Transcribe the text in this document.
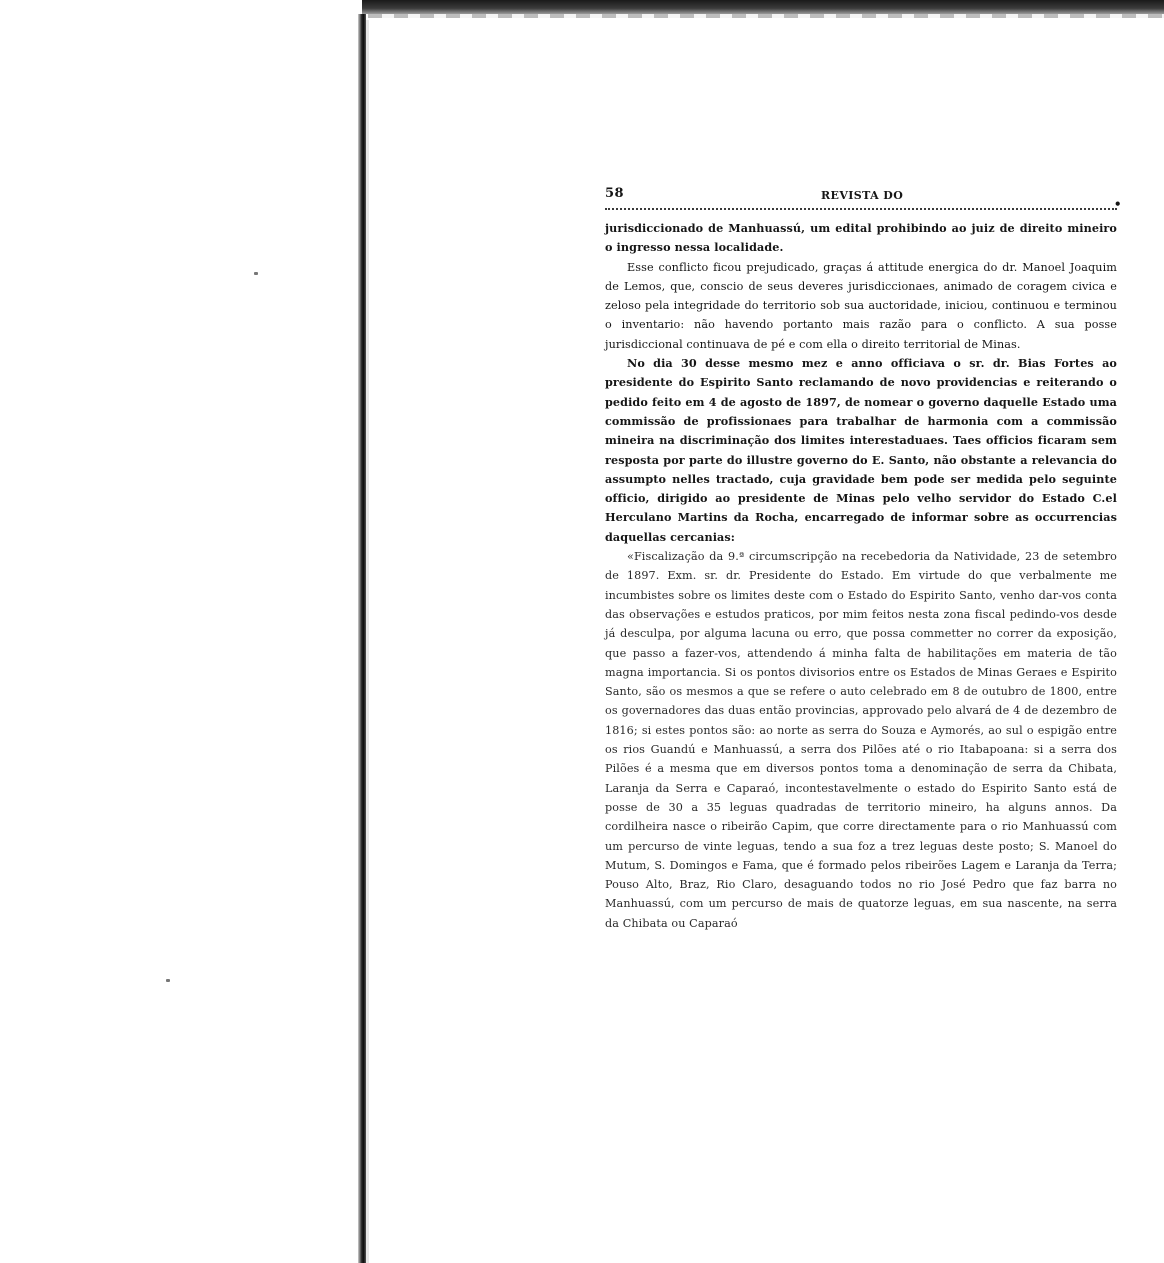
58	REVISTA DO
•

jurisdiccionado de Manhuassú, um edital prohibindo ao juiz de direito mineiro o ingresso nessa localidade.

Esse conflicto ficou prejudicado, graças á attitude energica do dr. Manoel Joaquim de Lemos, que, conscio de seus deveres jurisdiccionaes, animado de coragem civica e zeloso pela integridade do territorio sob sua auctoridade, iniciou, continuou e terminou o inventario: não havendo portanto mais razão para o conflicto. A sua posse jurisdiccional continuava de pé e com ella o direito territorial de Minas.

No dia 30 desse mesmo mez e anno officiava o sr. dr. Bias Fortes ao presidente do Espirito Santo reclamando de novo providencias e reiterando o pedido feito em 4 de agosto de 1897, de nomear o governo daquelle Estado uma commissão de profissionaes para trabalhar de harmonia com a commissão mineira na discriminação dos limites interestaduaes. Taes officios ficaram sem resposta por parte do illustre governo do E. Santo, não obstante a relevancia do assumpto nelles tractado, cuja gravidade bem pode ser medida pelo seguinte officio, dirigido ao presidente de Minas pelo velho servidor do Estado C.el Herculano Martins da Rocha, encarregado de informar sobre as occurrencias daquellas cercanias:

«Fiscalização da 9.ª circumscripção na recebedoria da Natividade, 23 de setembro de 1897. Exm. sr. dr. Presidente do Estado. Em virtude do que verbalmente me incumbistes sobre os limites deste com o Estado do Espirito Santo, venho dar-vos conta das observações e estudos praticos, por mim feitos nesta zona fiscal pedindo-vos desde já desculpa, por alguma lacuna ou erro, que possa commetter no correr da exposição, que passo a fazer-vos, attendendo á minha falta de habilitações em materia de tão magna importancia. Si os pontos divisorios entre os Estados de Minas Geraes e Espirito Santo, são os mesmos a que se refere o auto celebrado em 8 de outubro de 1800, entre os governadores das duas então provincias, approvado pelo alvará de 4 de dezembro de 1816; si estes pontos são: ao norte as serra do Souza e Aymorés, ao sul o espigão entre os rios Guandú e Manhuassú, a serra dos Pilões até o rio Itabapoana: si a serra dos Pilões é a mesma que em diversos pontos toma a denominação de serra da Chibata, Laranja da Serra e Caparaó, incontestavelmente o estado do Espirito Santo está de posse de 30 a 35 leguas quadradas de territorio mineiro, ha alguns annos. Da cordilheira nasce o ribeirão Capim, que corre directamente para o rio Manhuassú com um percurso de vinte leguas, tendo a sua foz a trez leguas deste posto; S. Manoel do Mutum, S. Domingos e Fama, que é formado pelos ribeirões Lagem e Laranja da Terra; Pouso Alto, Braz, Rio Claro, desaguando todos no rio José Pedro que faz barra no Manhuassú, com um percurso de mais de quatorze leguas, em sua nascente, na serra da Chibata ou Caparaó
